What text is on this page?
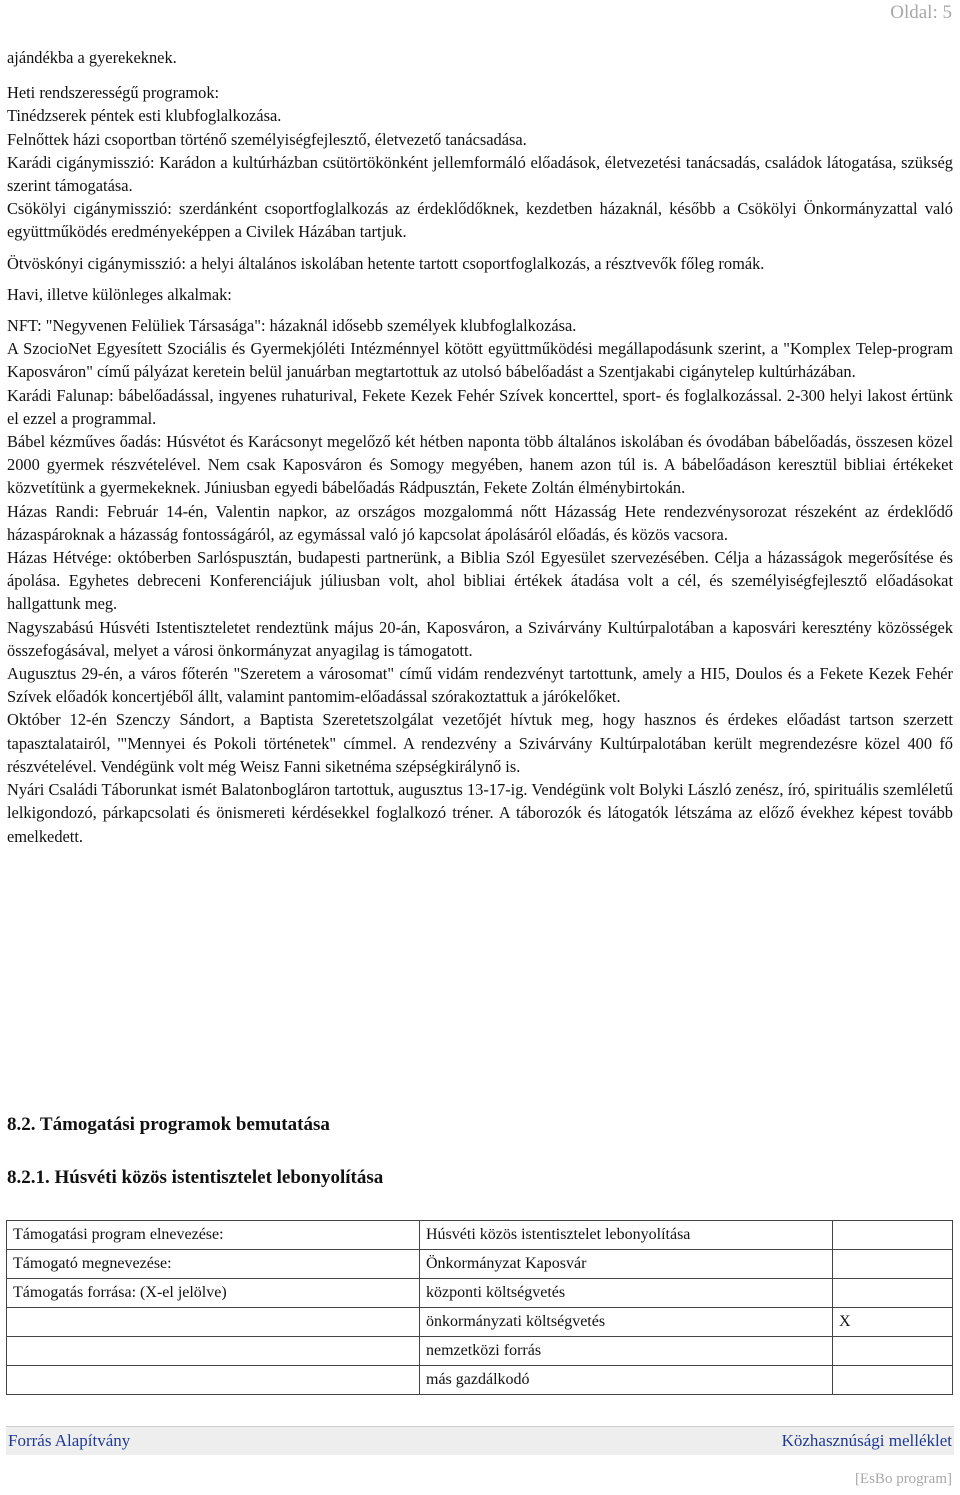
Oldal: 5

ajándékba a gyerekeknek.

Heti rendszerességű programok:

Tinédzserek péntek esti klubfoglalkozása.

Felnőttek házi csoportban történő személyiségfejlesztő, életvezető tanácsadása.

Karádi cigánymisszió: Karádon a kultúrházban csütörtökönként jellemformáló előadások, életvezetési tanácsadás, családok látogatása, szükség szerint támogatása.

Csökölyi cigánymisszió: szerdánként csoportfoglalkozás az érdeklődőknek, kezdetben házaknál, később a Csökölyi Önkormányzattal való együttműködés eredményeképpen a Civilek Házában tartjuk.

Ötvöskónyi cigánymisszió: a helyi általános iskolában hetente tartott csoportfoglalkozás, a résztvevők főleg romák.

Havi, illetve különleges alkalmak:

NFT: "Negyvenen Felüliek Társasága": házaknál idősebb személyek klubfoglalkozása.

A SzocioNet Egyesített Szociális és Gyermekjóléti Intézménnyel kötött együttműködési megállapodásunk szerint, a "Komplex Telep-program Kaposváron" című pályázat keretein belül januárban megtartottuk az utolsó bábelőadást a Szentjakabi cigánytelep kultúrházában.

Karádi Falunap: bábelőadással, ingyenes ruhaturival, Fekete Kezek Fehér Szívek koncerttel, sport- és foglalkozással. 2-300 helyi lakost értünk el ezzel a programmal.

Bábel kézműves őadás: Húsvétot és Karácsonyt megelőző két hétben naponta több általános iskolában és óvodában bábelőadás, összesen közel 2000 gyermek részvételével. Nem csak Kaposváron és Somogy megyében, hanem azon túl is. A bábelőadáson keresztül bibliai értékeket közvetítünk a gyermekeknek. Júniusban egyedi bábelőadás Rádpusztán, Fekete Zoltán élménybirtokán.

Házas Randi: Február 14-én, Valentin napkor, az országos mozgalommá nőtt Házasság Hete rendezvénysorozat részeként az érdeklődő házaspároknak a házasság fontosságáról, az egymással való jó kapcsolat ápolásáról előadás, és közös vacsora.

Házas Hétvége: októberben Sarlóspusztán, budapesti partnerünk, a Biblia Szól Egyesület szervezésében. Célja a házasságok megerősítése és ápolása. Egyhetes debreceni Konferenciájuk júliusban volt, ahol bibliai értékek átadása volt a cél, és személyiségfejlesztő előadásokat hallgattunk meg.

Nagyszabású Húsvéti Istentiszteletet rendeztünk május 20-án, Kaposváron, a Szivárvány Kultúrpalotában a kaposvári keresztény közösségek összefogásával, melyet a városi önkormányzat anyagilag is támogatott.

Augusztus 29-én, a város főterén "Szeretem a városomat" című vidám rendezvényt tartottunk, amely a HI5, Doulos és a Fekete Kezek Fehér Szívek előadók koncertjéből állt, valamint pantomim-előadással szórakoztattuk a járókelőket.

Október 12-én Szenczy Sándort, a Baptista Szeretetszolgálat vezetőjét hívtuk meg, hogy hasznos és érdekes előadást tartson szerzett tapasztalatairól, '"Mennyei és Pokoli történetek" címmel. A rendezvény a Szivárvány Kultúrpalotában került megrendezésre közel 400 fő részvételével. Vendégünk volt még Weisz Fanni siketnéma szépségkirálynő is.

Nyári Családi Táborunkat ismét Balatonbogláron tartottuk, augusztus 13-17-ig. Vendégünk volt Bolyki László zenész, író, spirituális szemléletű lelkigondozó, párkapcsolati és önismereti kérdésekkel foglalkozó tréner. A táborozók és látogatók létszáma az előző évekhez képest tovább emelkedett.

8.2. Támogatási programok bemutatása
8.2.1. Húsvéti közös istentisztelet lebonyolítása
Támogatási program elnevezése:	Húsvéti közös istentisztelet lebonyolítása	
Támogató megnevezése:	Önkormányzat Kaposvár	
Támogatás forrása: (X-el jelölve)	központi költségvetés	
	önkormányzati költségvetés	X
	nemzetközi forrás	
	más gazdálkodó	
Forrás Alapítvány	Közhasznúsági melléklet
[EsBo program]
